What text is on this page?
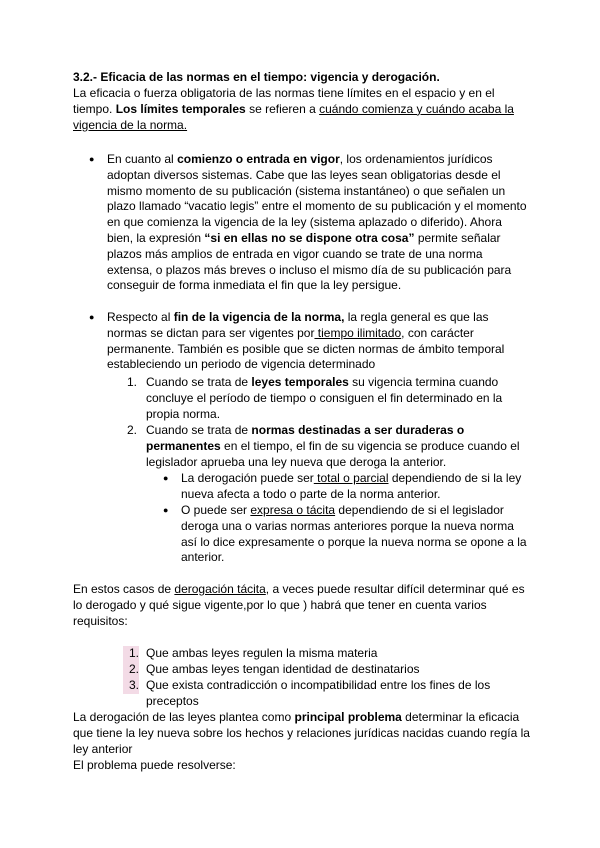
3.2.- Eficacia de las normas en el tiempo: vigencia y derogación.

La eficacia o fuerza obligatoria de las normas tiene límites en el espacio y en el tiempo. Los límites temporales se refieren a cuándo comienza y cuándo acaba la vigencia de la norma.

● En cuanto al comienzo o entrada en vigor, los ordenamientos jurídicos adoptan diversos sistemas. Cabe que las leyes sean obligatorias desde el mismo momento de su publicación (sistema instantáneo) o que señalen un plazo llamado “vacatio legis” entre el momento de su publicación y el momento en que comienza la vigencia de la ley (sistema aplazado o diferido). Ahora bien, la expresión “si en ellas no se dispone otra cosa” permite señalar plazos más amplios de entrada en vigor cuando se trate de una norma extensa, o plazos más breves o incluso el mismo día de su publicación para conseguir de forma inmediata el fin que la ley persigue.

● Respecto al fin de la vigencia de la norma, la regla general es que las normas se dictan para ser vigentes por tiempo ilimitado, con carácter permanente. También es posible que se dicten normas de ámbito temporal estableciendo un periodo de vigencia determinado

1. Cuando se trata de leyes temporales su vigencia termina cuando concluye el período de tiempo o consiguen el fin determinado en la propia norma.

2. Cuando se trata de normas destinadas a ser duraderas o permanentes en el tiempo, el fin de su vigencia se produce cuando el legislador aprueba una ley nueva que deroga la anterior.

● La derogación puede ser total o parcial dependiendo de si la ley nueva afecta a todo o parte de la norma anterior.

● O puede ser expresa o tácita dependiendo de si el legislador deroga una o varias normas anteriores porque la nueva norma así lo dice expresamente o porque la nueva norma se opone a la anterior.

En estos casos de derogación tácita, a veces puede resultar difícil determinar qué es lo derogado y qué sigue vigente,por lo que ) habrá que tener en cuenta varios requisitos:

1. Que ambas leyes regulen la misma materia

2. Que ambas leyes tengan identidad de destinatarios

3. Que exista contradicción o incompatibilidad entre los fines de los preceptos

La derogación de las leyes plantea como principal problema determinar la eficacia que tiene la ley nueva sobre los hechos y relaciones jurídicas nacidas cuando regía la ley anterior

El problema puede resolverse:
